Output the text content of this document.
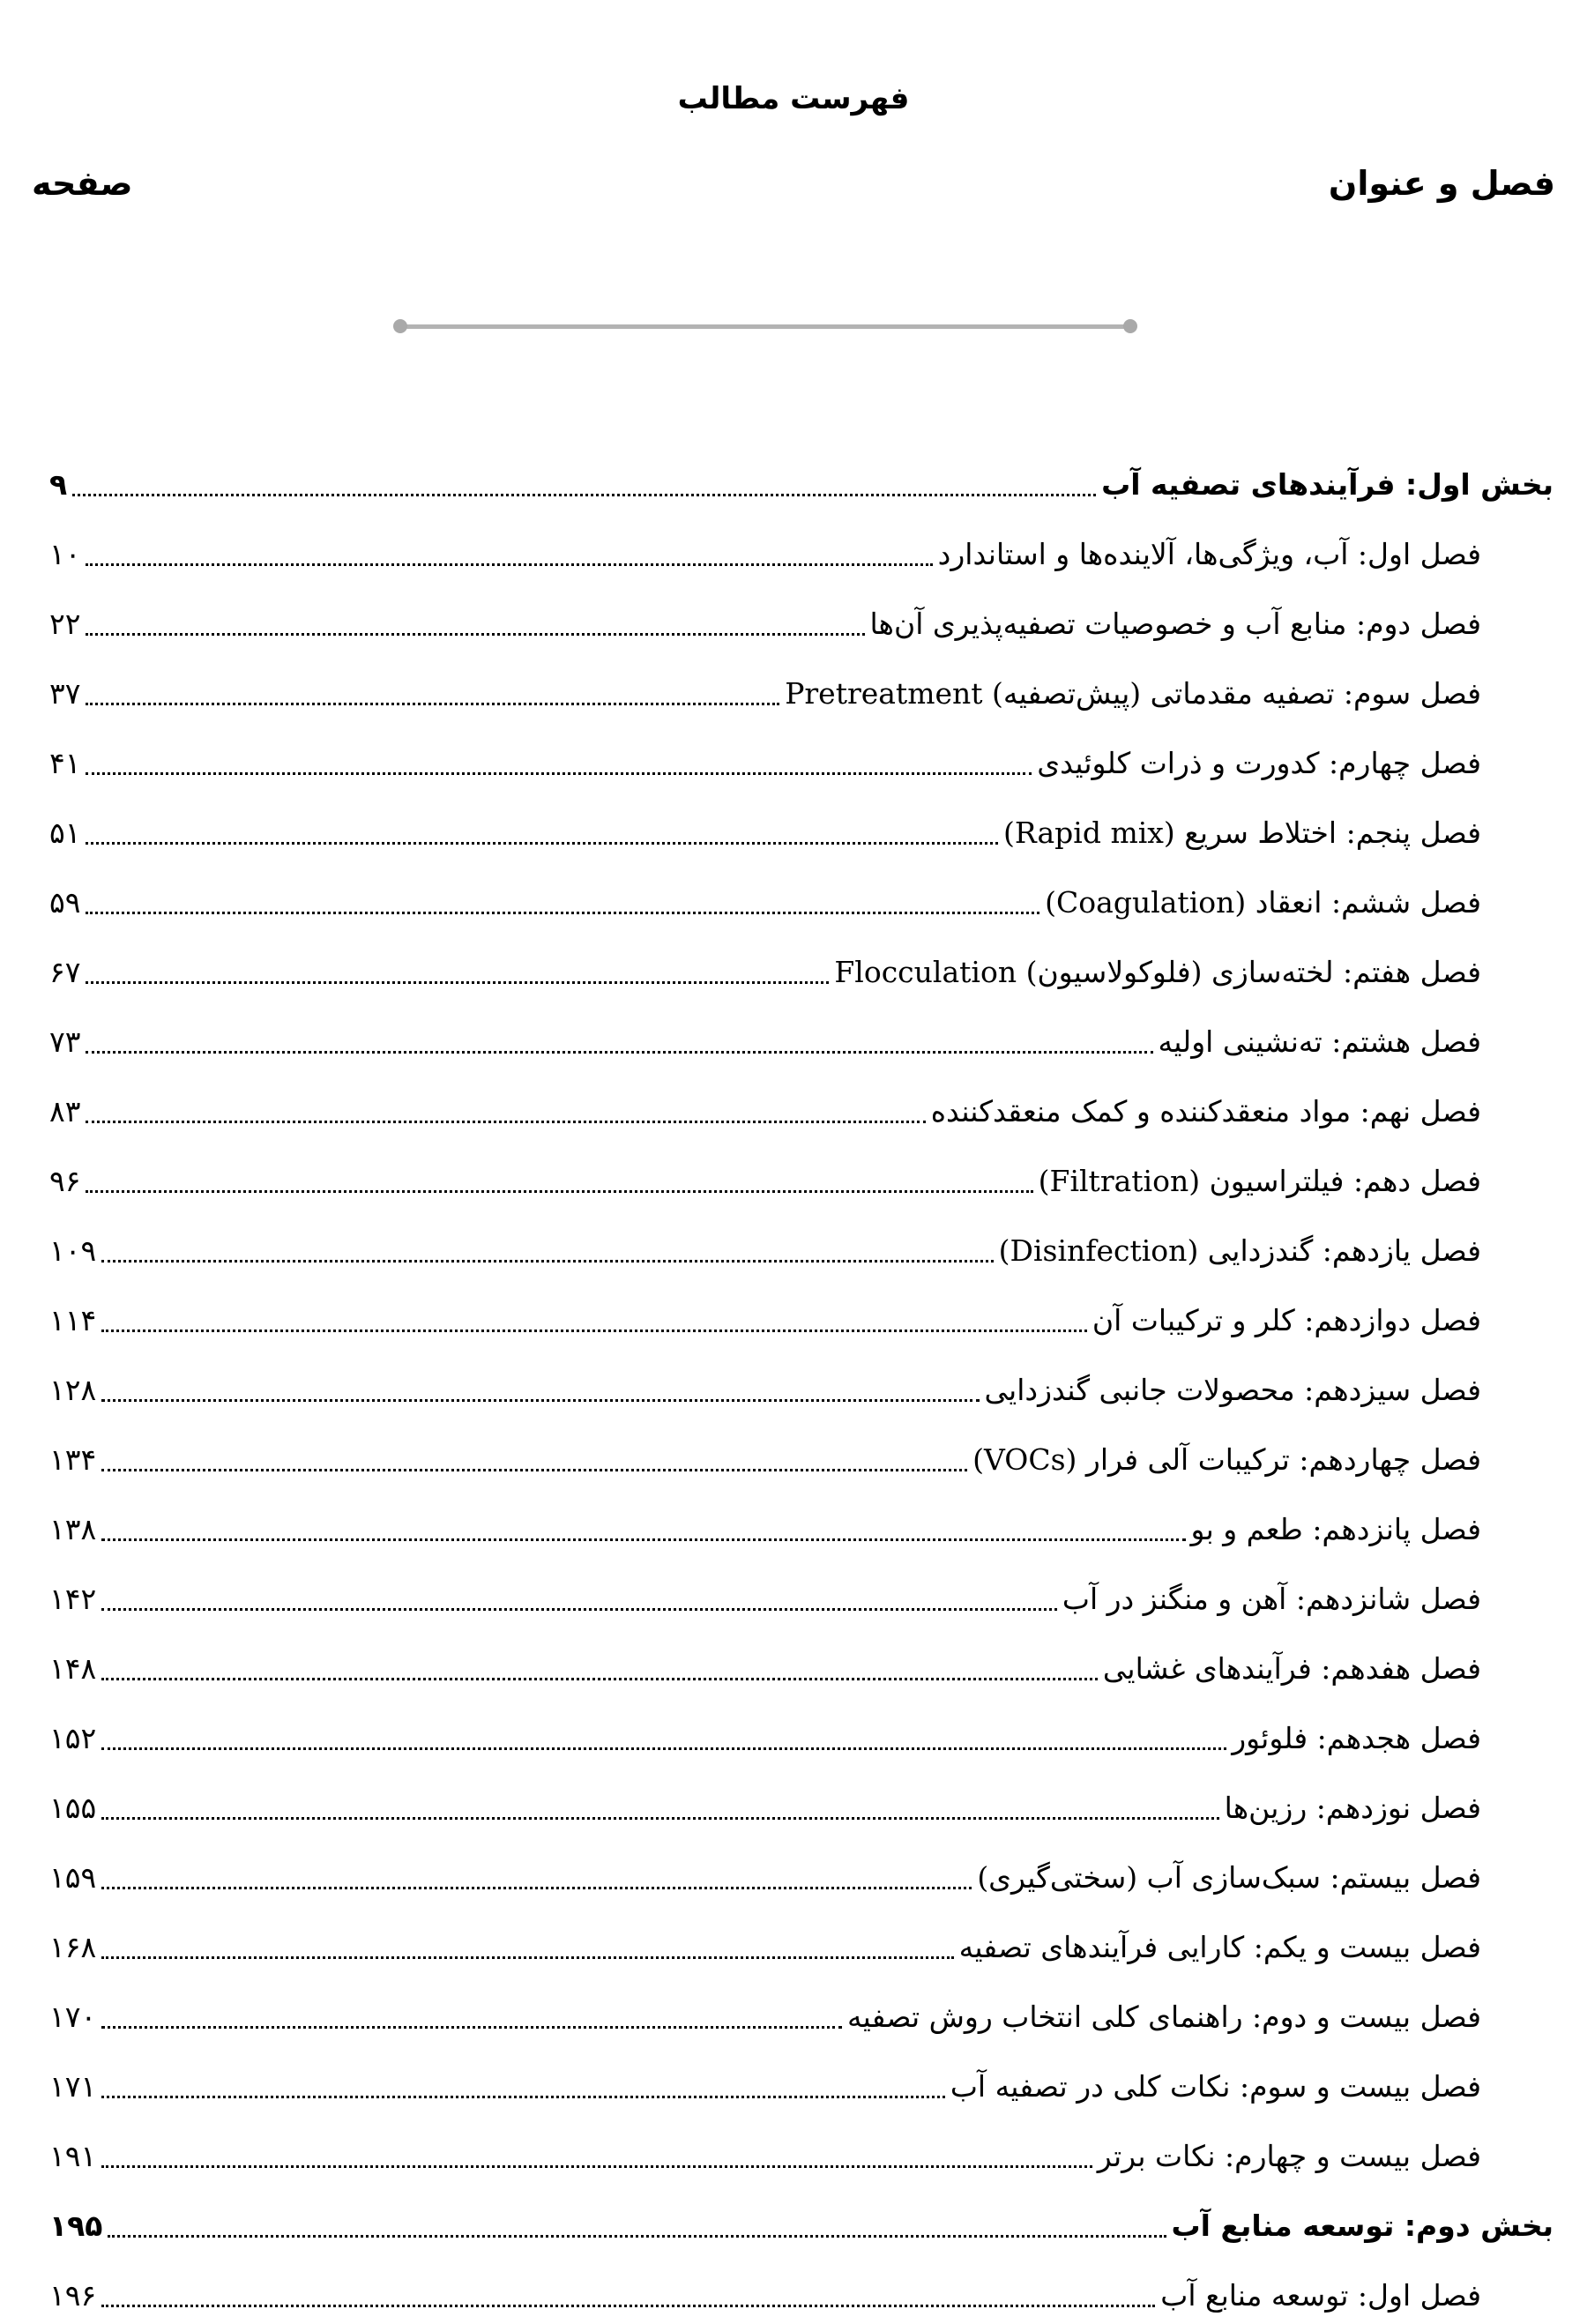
فهرست مطالب
فصل و عنوان
صفحه
۹	بخش اول: فرآیندهای تصفیه آب
۱۰	فصل اول: آب، ویژگی‌ها، آلاینده‌ها و استاندارد
۲۲	فصل دوم: منابع آب و خصوصیات تصفیه‌پذیری آن‌ها
۳۷	فصل سوم: تصفیه مقدماتی (پیش‌تصفیه) Pretreatment
۴۱	فصل چهارم: کدورت و ذرات کلوئیدی
۵۱	فصل پنجم: اختلاط سریع (Rapid mix)
۵۹	فصل ششم: انعقاد (Coagulation)
۶۷	فصل هفتم: لخته‌سازی (فلوکولاسیون) Flocculation
۷۳	فصل هشتم: ته‌نشینی اولیه
۸۳	فصل نهم: مواد منعقدکننده و کمک منعقدکننده
۹۶	فصل دهم: فیلتراسیون (Filtration)
۱۰۹	فصل یازدهم: گندزدایی (Disinfection)
۱۱۴	فصل دوازدهم: کلر و ترکیبات آن
۱۲۸	فصل سیزدهم: محصولات جانبی گندزدایی
۱۳۴	فصل چهاردهم: ترکیبات آلی فرار (VOCs)
۱۳۸	فصل پانزدهم: طعم و بو
۱۴۲	فصل شانزدهم: آهن و منگنز در آب
۱۴۸	فصل هفدهم: فرآیندهای غشایی
۱۵۲	فصل هجدهم: فلوئور
۱۵۵	فصل نوزدهم: رزین‌ها
۱۵۹	فصل بیستم: سبک‌سازی آب (سختی‌گیری)
۱۶۸	فصل بیست و یکم: کارایی فرآیندهای تصفیه
۱۷۰	فصل بیست و دوم: راهنمای کلی انتخاب روش تصفیه
۱۷۱	فصل بیست و سوم: نکات کلی در تصفیه آب
۱۹۱	فصل بیست و چهارم: نکات برتر
۱۹۵	بخش دوم: توسعه منابع آب
۱۹۶	فصل اول: توسعه منابع آب
